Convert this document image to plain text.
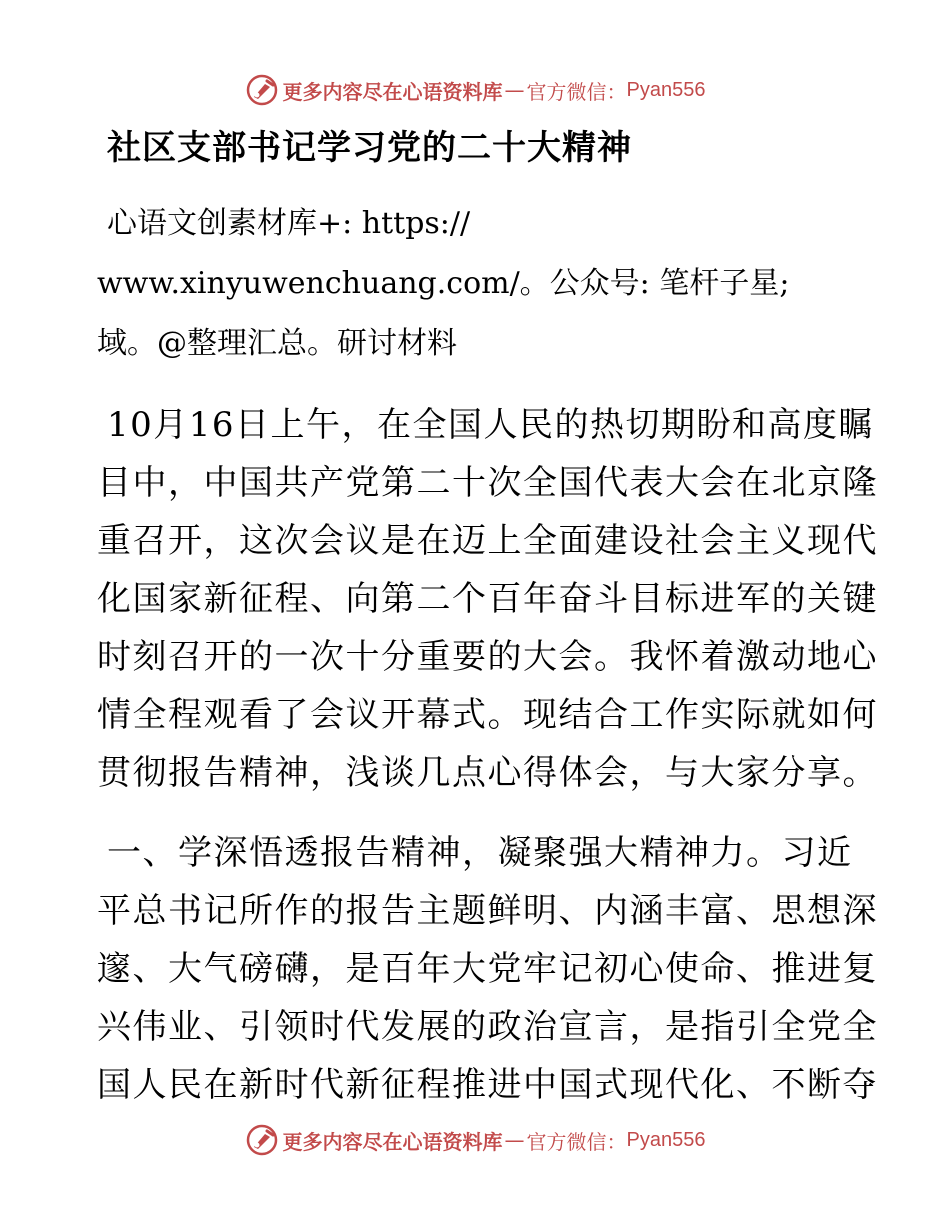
更多内容尽在心语资料库 — 官方微信： Pyan556
社区支部书记学习党的二十大精神
心语文创素材库+: https://
www.xinyuwenchuang.com/。公众号: 笔杆子星;
域。@整理汇总。研讨材料
10月16日上午，在全国人民的热切期盼和高度瞩
目中，中国共产党第二十次全国代表大会在北京隆
重召开，这次会议是在迈上全面建设社会主义现代
化国家新征程、向第二个百年奋斗目标进军的关键
时刻召开的一次十分重要的大会。我怀着激动地心
情全程观看了会议开幕式。现结合工作实际就如何
贯彻报告精神，浅谈几点心得体会，与大家分享。
一、学深悟透报告精神，凝聚强大精神力。习近
平总书记所作的报告主题鲜明、内涵丰富、思想深
邃、大气磅礴，是百年大党牢记初心使命、推进复
兴伟业、引领时代发展的政治宣言，是指引全党全
国人民在新时代新征程推进中国式现代化、不断夺
更多内容尽在心语资料库 — 官方微信： Pyan556
